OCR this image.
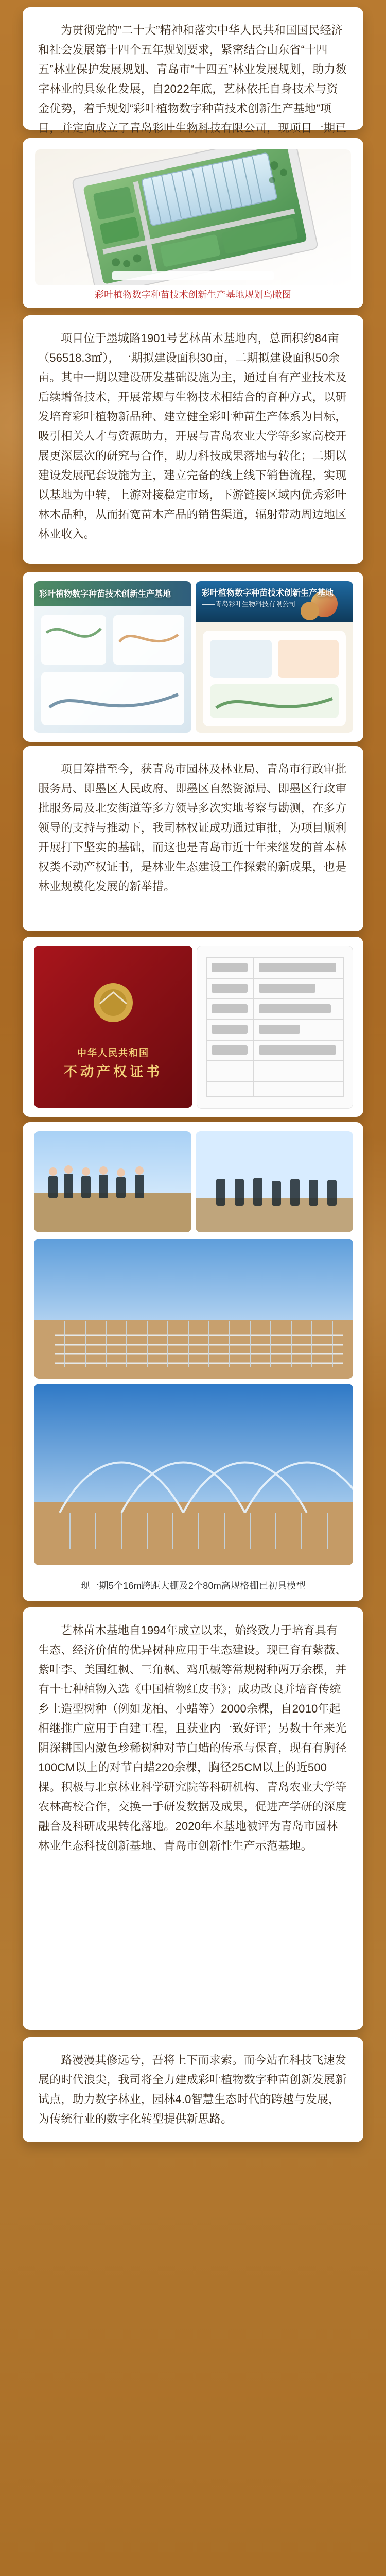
为贯彻党的“二十大”精神和落实中华人民共和国国民经济和社会发展第十四个五年规划要求，紧密结合山东省“十四五”林业保护发展规划、青岛市“十四五”林业发展规划，助力数字林业的具象化发展，自2022年底，艺林依托自身技术与资金优势，着手规划“彩叶植物数字种苗技术创新生产基地”项目，并定向成立了青岛彩叶生物科技有限公司，现项目一期已

彩叶植物数字种苗技术创新生产基地规划鸟瞰图

项目位于墨城路1901号艺林苗木基地内，总面积约84亩（56518.3㎡），一期拟建设面积30亩，二期拟建设面积50余亩。其中一期以建设研发基础设施为主，通过自有产业技术及后续增备技术，开展常规与生物技术相结合的育种方式，以研发培育彩叶植物新品种、建立健全彩叶种苗生产体系为目标，吸引相关人才与资源助力，开展与青岛农业大学等多家高校开展更深层次的研究与合作，助力科技成果落地与转化；二期以建设发展配套设施为主，建立完备的线上线下销售流程，实现以基地为中转，上游对接稳定市场，下游链接区域内优秀彩叶林木品种，从而拓宽苗木产品的销售渠道，辐射带动周边地区林业收入。

彩叶植物数字种苗技术创新生产基地	彩叶植物数字种苗技术创新生产基地
——青岛彩叶生物科技有限公司

项目筹措至今，获青岛市园林及林业局、青岛市行政审批服务局、即墨区人民政府、即墨区自然资源局、即墨区行政审批服务局及北安街道等多方领导多次实地考察与勘测，在多方领导的支持与推动下，我司林权证成功通过审批，为项目顺利开展打下坚实的基础，而这也是青岛市近十年来继发的首本林权类不动产权证书，是林业生态建设工作探索的新成果，也是林业规模化发展的新举措。

中华人民共和国
不动产权证书
现一期5个16m跨距大棚及2个80m高规格棚已初具模型

艺林苗木基地自1994年成立以来，始终致力于培育具有生态、经济价值的优异树种应用于生态建设。现已育有紫薇、紫叶李、美国红枫、三角枫、鸡爪槭等常规树种两万余棵，并有十七种植物入选《中国植物红皮书》；成功改良并培育传统乡土造型树种（例如龙柏、小蜡等）2000余棵，自2010年起相继推广应用于自建工程，且获业内一致好评；另数十年来光阴深耕国内激色珍稀树种对节白蜡的传承与保育，现有有胸径100CM以上的对节白蜡220余棵，胸径25CM以上的近500棵。积极与北京林业科学研究院等科研机构、青岛农业大学等农林高校合作，交换一手研发数据及成果，促进产学研的深度融合及科研成果转化落地。2020年本基地被评为青岛市园林林业生态科技创新基地、青岛市创新性生产示范基地。

路漫漫其修远兮，吾将上下而求索。而今站在科技飞速发展的时代浪尖，我司将全力建成彩叶植物数字种苗创新发展新试点，助力数字林业，园林4.0智慧生态时代的跨越与发展，为传统行业的数字化转型提供新思路。
